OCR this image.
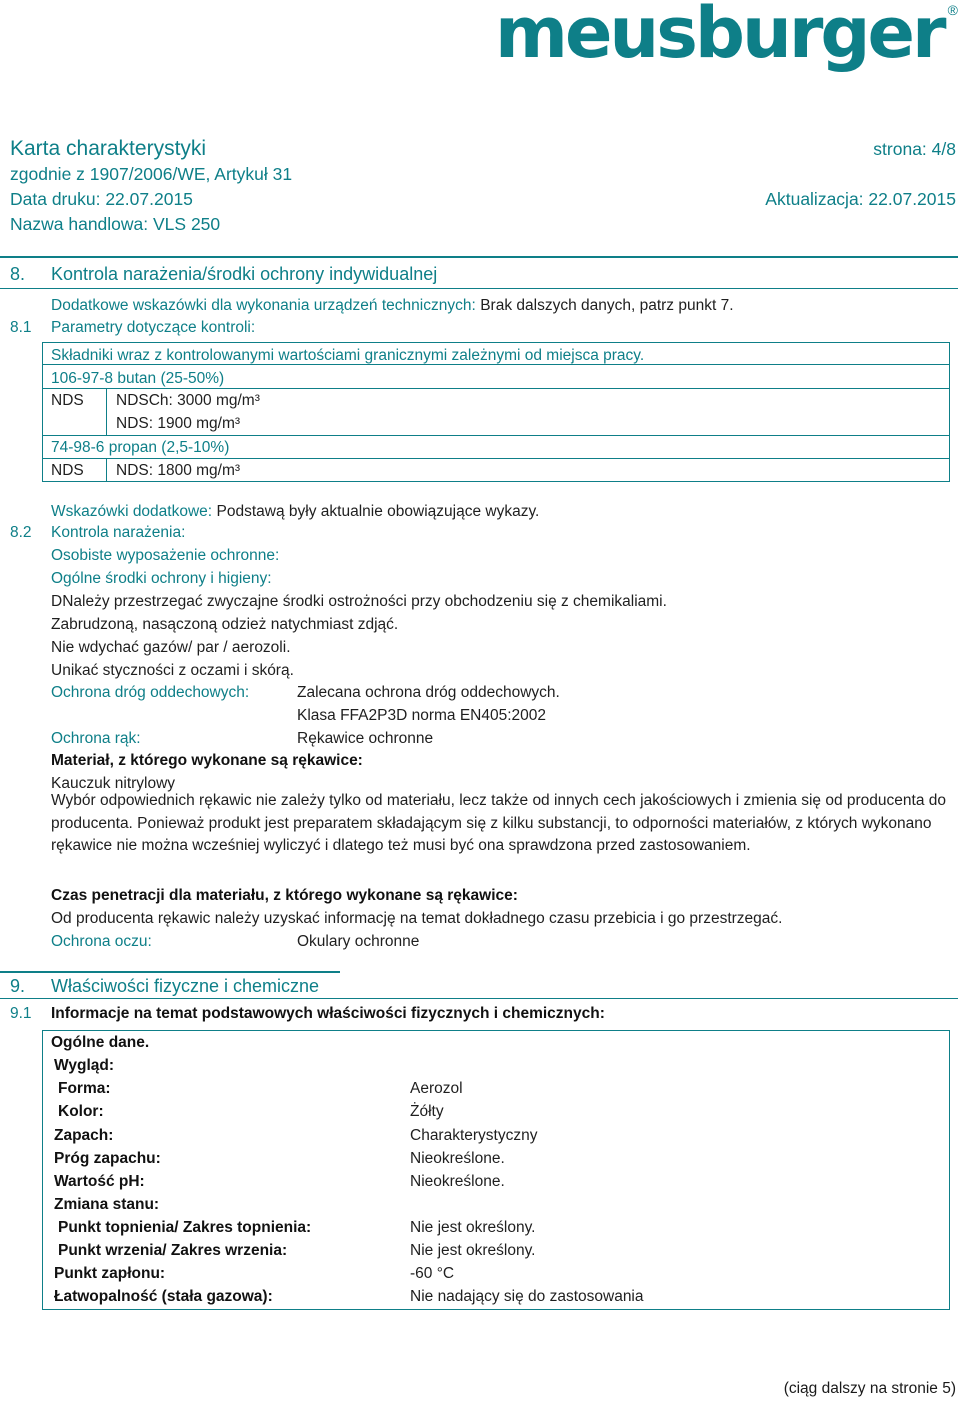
meusburger ®
Karta charakterystyki	strona: 4/8
zgodnie z 1907/2006/WE, Artykuł 31
Data druku: 22.07.2015	Aktualizacja: 22.07.2015
Nazwa handlowa: VLS 250
8. Kontrola narażenia/środki ochrony indywidualnej
Dodatkowe wskazówki dla wykonania urządzeń technicznych: Brak dalszych danych, patrz punkt 7.
8.1 Parametry dotyczące kontroli:
Składniki wraz z kontrolowanymi wartościami granicznymi zależnymi od miejsca pracy.
106-97-8 butan (25-50%)
NDS NDSCh: 3000 mg/m³
NDS: 1900 mg/m³
74-98-6 propan (2,5-10%)
NDS NDS: 1800 mg/m³
Wskazówki dodatkowe: Podstawą były aktualnie obowiązujące wykazy.
8.2 Kontrola narażenia:
Osobiste wyposażenie ochronne:
Ogólne środki ochrony i higieny:
DNależy przestrzegać zwyczajne środki ostrożności przy obchodzeniu się z chemikaliami.
Zabrudzoną, nasączoną odzież natychmiast zdjąć.
Nie wdychać gazów/ par / aerozoli.
Unikać styczności z oczami i skórą.
Ochrona dróg oddechowych:	Zalecana ochrona dróg oddechowych.
Klasa FFA2P3D norma EN405:2002
Ochrona rąk:	Rękawice ochronne
Materiał, z którego wykonane są rękawice:
Kauczuk nitrylowy
Wybór odpowiednich rękawic nie zależy tylko od materiału, lecz także od innych cech jakościowych i zmienia się od producenta do producenta. Ponieważ produkt jest preparatem składającym się z kilku substancji, to odporności materiałów, z których wykonano rękawice nie można wcześniej wyliczyć i dlatego też musi być ona sprawdzona przed zastosowaniem.
Czas penetracji dla materiału, z którego wykonane są rękawice:
Od producenta rękawic należy uzyskać informację na temat dokładnego czasu przebicia i go przestrzegać.
Ochrona oczu:	Okulary ochronne
9. Właściwości fizyczne i chemiczne
9.1 Informacje na temat podstawowych właściwości fizycznych i chemicznych:
Ogólne dane.
Wygląd:
Forma:	Aerozol
Kolor:	Żółty
Zapach:	Charakterystyczny
Próg zapachu:	Nieokreślone.
Wartość pH:	Nieokreślone.
Zmiana stanu:
Punkt topnienia/ Zakres topnienia:	Nie jest określony.
Punkt wrzenia/ Zakres wrzenia:	Nie jest określony.
Punkt zapłonu:	-60 °C
Łatwopalność (stała gazowa):	Nie nadający się do zastosowania
(ciąg dalszy na stronie 5)
